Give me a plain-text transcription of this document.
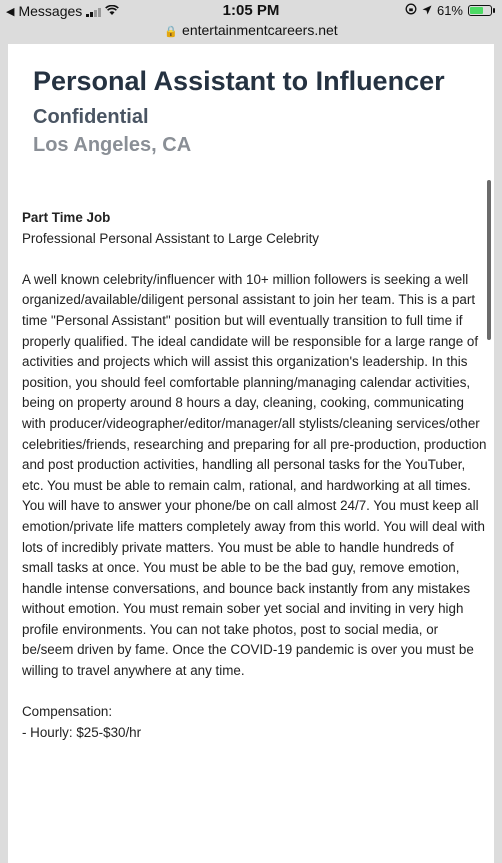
◀ Messages	1:05 PM	61%
🔒 entertainmentcareers.net
Personal Assistant to Influencer
Confidential
Los Angeles, CA
Part Time Job
Professional Personal Assistant to Large Celebrity

A well known celebrity/influencer with 10+ million followers is seeking a well organized/available/diligent personal assistant to join her team. This is a part time "Personal Assistant" position but will eventually transition to full time if properly qualified. The ideal candidate will be responsible for a large range of activities and projects which will assist this organization's leadership. In this position, you should feel comfortable planning/managing calendar activities, being on property around 8 hours a day, cleaning, cooking, communicating with producer/videographer/editor/manager/all stylists/cleaning services/other celebrities/friends, researching and preparing for all pre-production, production and post production activities, handling all personal tasks for the YouTuber, etc. You must be able to remain calm, rational, and hardworking at all times. You will have to answer your phone/be on call almost 24/7. You must keep all emotion/private life matters completely away from this world. You will deal with lots of incredibly private matters. You must be able to handle hundreds of small tasks at once. You must be able to be the bad guy, remove emotion, handle intense conversations, and bounce back instantly from any mistakes without emotion. You must remain sober yet social and inviting in very high profile environments. You can not take photos, post to social media, or be/seem driven by fame. Once the COVID-19 pandemic is over you must be willing to travel anywhere at any time.

Compensation:
- Hourly: $25-$30/hr
